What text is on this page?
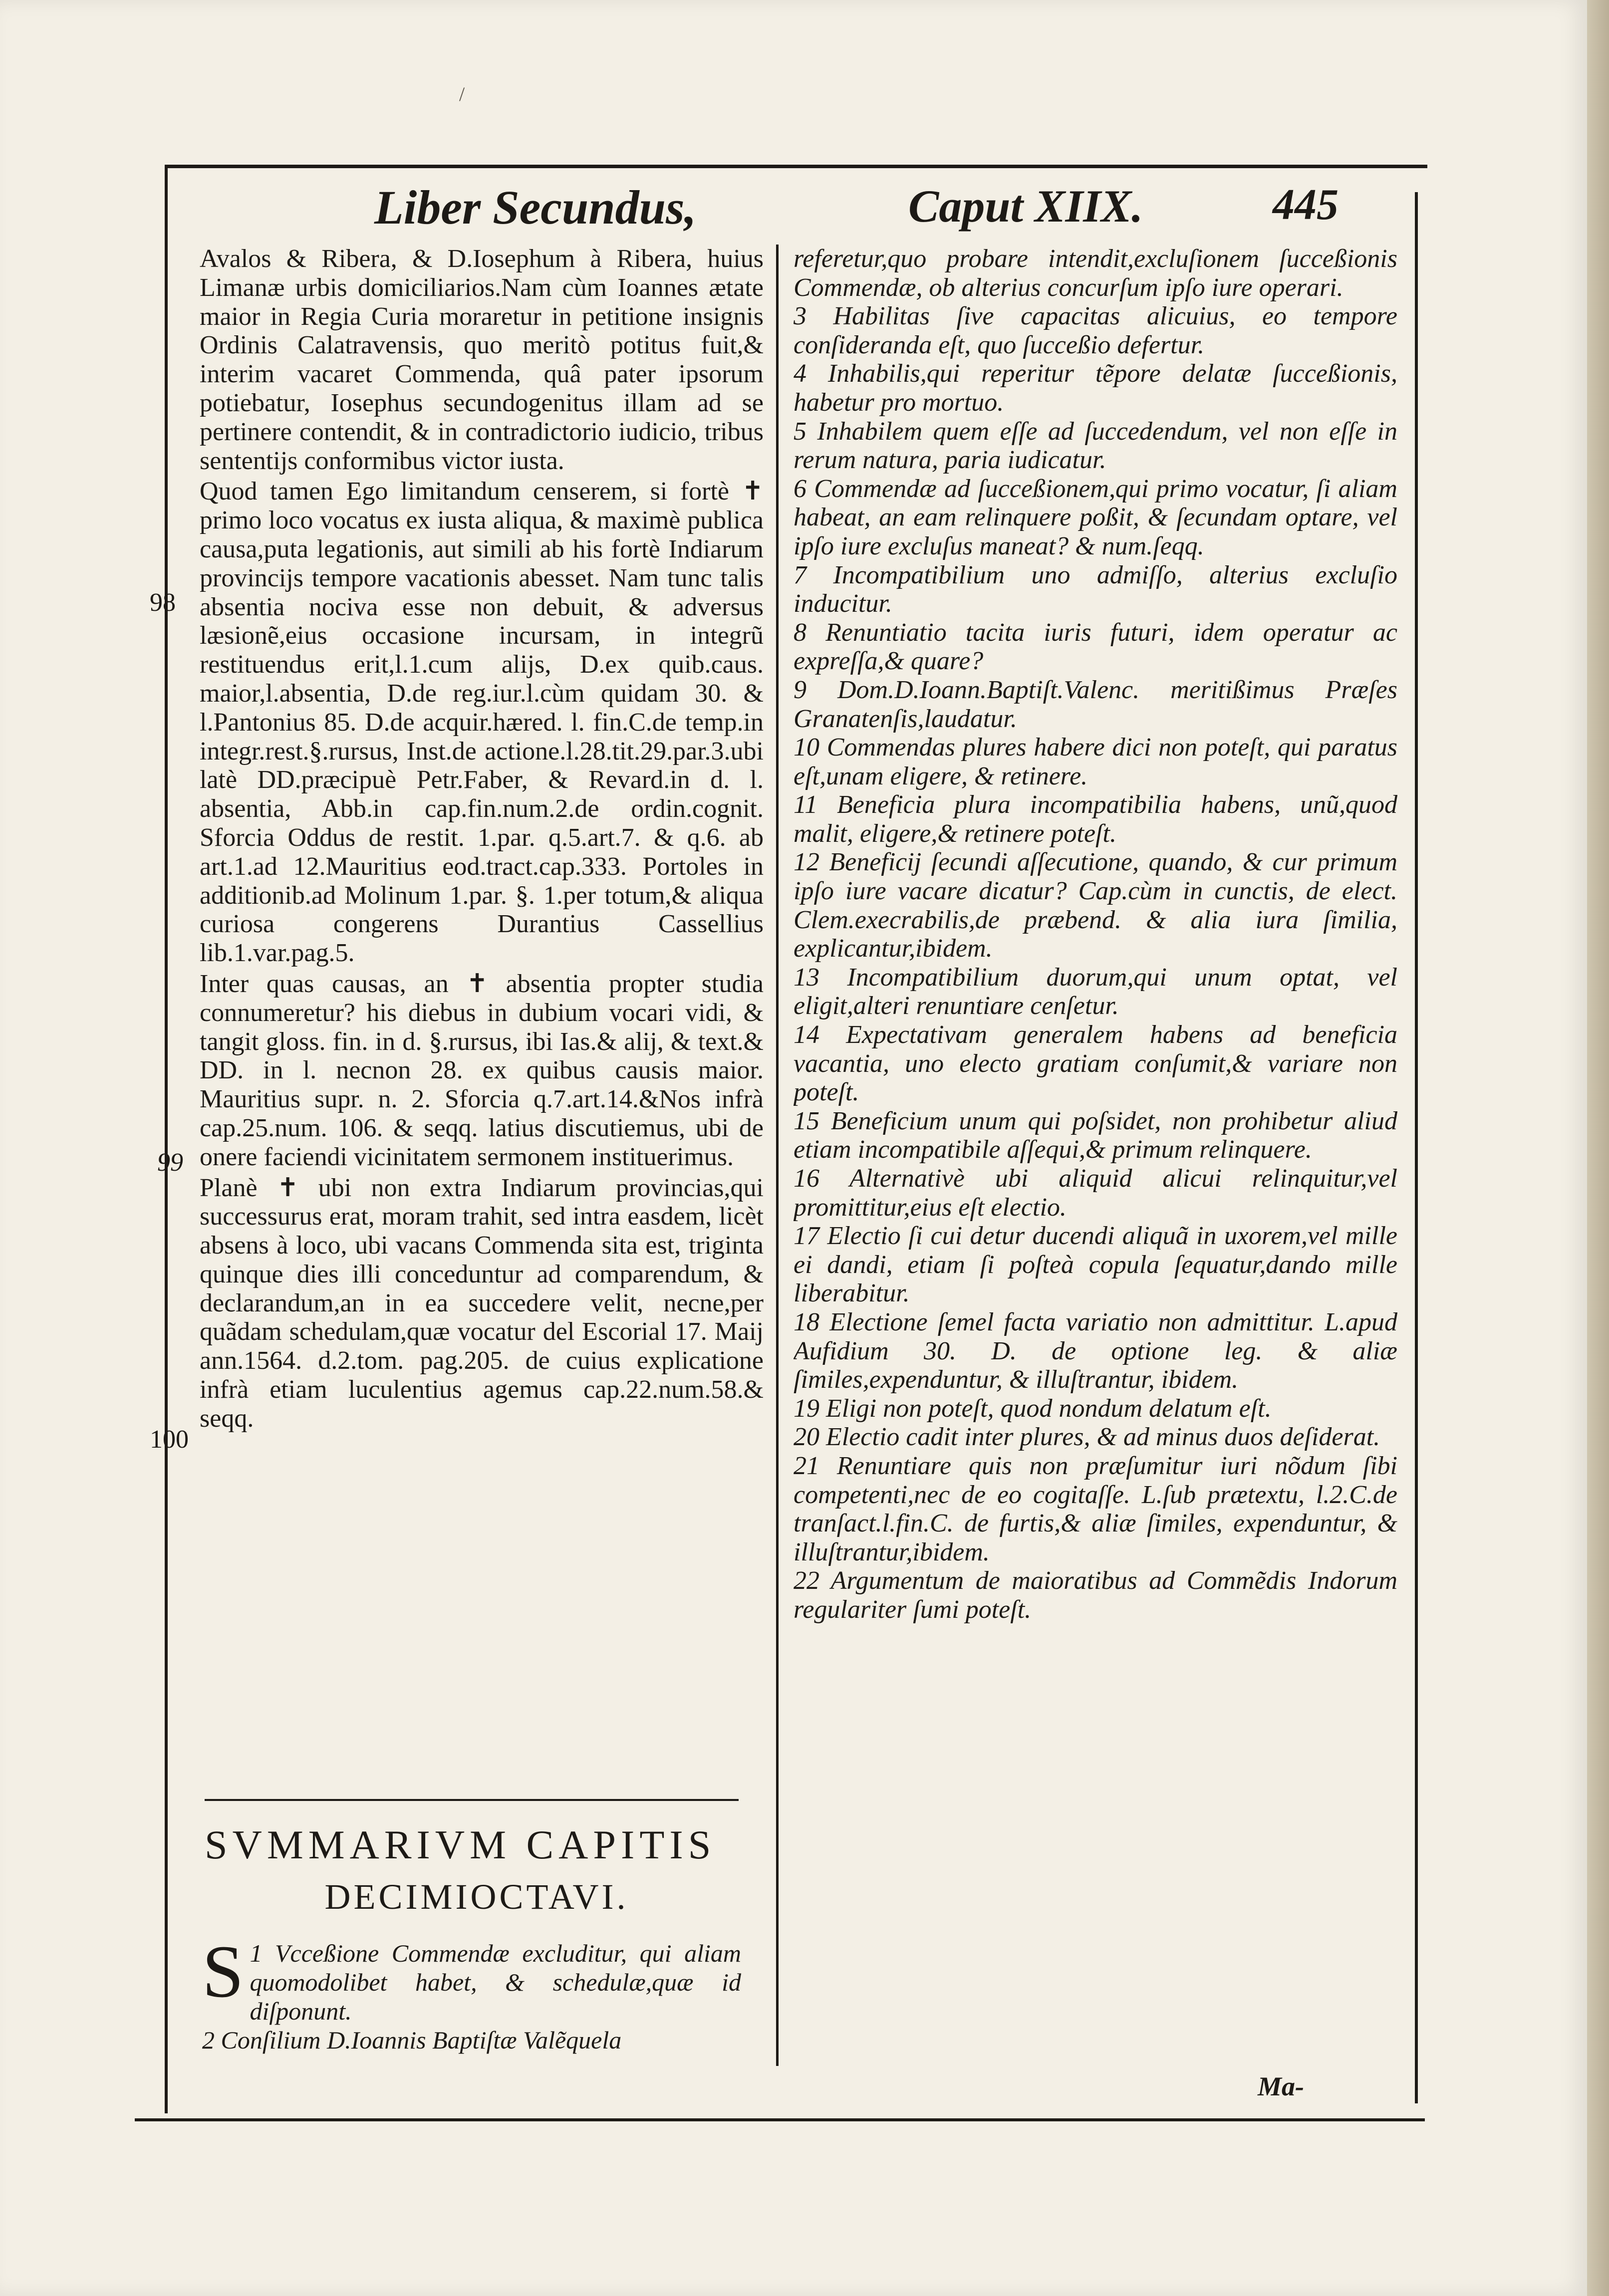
/
Liber Secundus,	Caput XIIX.	445
98
99
100

Avalos & Ribera, & D.Iosephum à Ribera, huius Limanæ urbis domiciliarios.Nam cùm Ioannes ætate maior in Regia Curia moraretur in petitione insignis Ordinis Calatravensis, quo meritò potitus fuit,& interim vacaret Commenda, quâ pater ipsorum potiebatur, Iosephus secundogenitus illam ad se pertinere contendit, & in contradictorio iudicio, tribus sententijs conformibus victor iusta.

Quod tamen Ego limitandum censerem, si fortè ✝ primo loco vocatus ex iusta aliqua, & maximè publica causa,puta legationis, aut simili ab his fortè Indiarum provincijs tempore vacationis abesset. Nam tunc talis absentia nociva esse non debuit, & adversus læsionẽ,eius occasione incursam, in integrũ restituendus erit,l.1.cum alijs, D.ex quib.caus. maior,l.absentia, D.de reg.iur.l.cùm quidam 30. & l.Pantonius 85. D.de acquir.hæred. l. fin.C.de temp.in integr.rest.§.rursus, Inst.de actione.l.28.tit.29.par.3.ubi latè DD.præcipuè Petr.Faber, & Revard.in d. l. absentia, Abb.in cap.fin.num.2.de ordin.cognit. Sforcia Oddus de restit. 1.par. q.5.art.7. & q.6. ab art.1.ad 12.Mauritius eod.tract.cap.333. Portoles in additionib.ad Molinum 1.par. §. 1.per totum,& aliqua curiosa congerens Durantius Cassellius lib.1.var.pag.5.

Inter quas causas, an ✝ absentia propter studia connumeretur? his diebus in dubium vocari vidi, & tangit gloss. fin. in d. §.rursus, ibi Ias.& alij, & text.& DD. in l. necnon 28. ex quibus causis maior. Mauritius supr. n. 2. Sforcia q.7.art.14.&Nos infrà cap.25.num. 106. & seqq. latius discutiemus, ubi de onere faciendi vicinitatem sermonem instituerimus.

Planè ✝ ubi non extra Indiarum provincias,qui successurus erat, moram trahit, sed intra easdem, licèt absens à loco, ubi vacans Commenda sita est, triginta quinque dies illi conceduntur ad comparendum, & declarandum,an in ea succedere velit, necne,per quãdam schedulam,quæ vocatur del Escorial 17. Maij ann.1564. d.2.tom. pag.205. de cuius explicatione infrà etiam luculentius agemus cap.22.num.58.& seqq.

SVMMARIVM CAPITIS
DECIMIOCTAVI.

1
S Vcceßione Commendæ excluditur, qui aliam quomodolibet habet, & schedulæ,quæ id diſponunt.

2 Conſilium D.Ioannis Baptiſtæ Valẽquela

referetur,quo probare intendit,excluſionem ſucceßionis Commendæ, ob alterius concurſum ipſo iure operari.

3 Habilitas ſive capacitas alicuius, eo tempore conſideranda eſt, quo ſucceßio defertur.

4 Inhabilis,qui reperitur tẽpore delatæ ſucceßionis, habetur pro mortuo.

5 Inhabilem quem eſſe ad ſuccedendum, vel non eſſe in rerum natura, paria iudicatur.

6 Commendæ ad ſucceßionem,qui primo vocatur, ſi aliam habeat, an eam relinquere poßit, & ſecundam optare, vel ipſo iure excluſus maneat? & num.ſeqq.

7 Incompatibilium uno admiſſo, alterius excluſio inducitur.

8 Renuntiatio tacita iuris futuri, idem operatur ac expreſſa,& quare?

9 Dom.D.Ioann.Baptiſt.Valenc. meritißimus Præſes Granatenſis,laudatur.

10 Commendas plures habere dici non poteſt, qui paratus eſt,unam eligere, & retinere.

11 Beneficia plura incompatibilia habens, unũ,quod malit, eligere,& retinere poteſt.

12 Beneficij ſecundi aſſecutione, quando, & cur primum ipſo iure vacare dicatur? Cap.cùm in cunctis, de elect. Clem.execrabilis,de præbend. & alia iura ſimilia, explicantur,ibidem.

13 Incompatibilium duorum,qui unum optat, vel eligit,alteri renuntiare cenſetur.

14 Expectativam generalem habens ad beneficia vacantia, uno electo gratiam conſumit,& variare non poteſt.

15 Beneficium unum qui poſsidet, non prohibetur aliud etiam incompatibile aſſequi,& primum relinquere.

16 Alternativè ubi aliquid alicui relinquitur,vel promittitur,eius eſt electio.

17 Electio ſi cui detur ducendi aliquã in uxorem,vel mille ei dandi, etiam ſi poſteà copula ſequatur,dando mille liberabitur.

18 Electione ſemel facta variatio non admittitur. L.apud Aufidium 30. D. de optione leg. & aliæ ſimiles,expenduntur, & illuſtrantur, ibidem.

19 Eligi non poteſt, quod nondum delatum eſt.

20 Electio cadit inter plures, & ad minus duos deſiderat.

21 Renuntiare quis non præſumitur iuri nõdum ſibi competenti,nec de eo cogitaſſe. L.ſub prætextu, l.2.C.de tranſact.l.fin.C. de furtis,& aliæ ſimiles, expenduntur, & illuſtrantur,ibidem.

22 Argumentum de maioratibus ad Commẽdis Indorum regulariter ſumi poteſt.

Ma-
